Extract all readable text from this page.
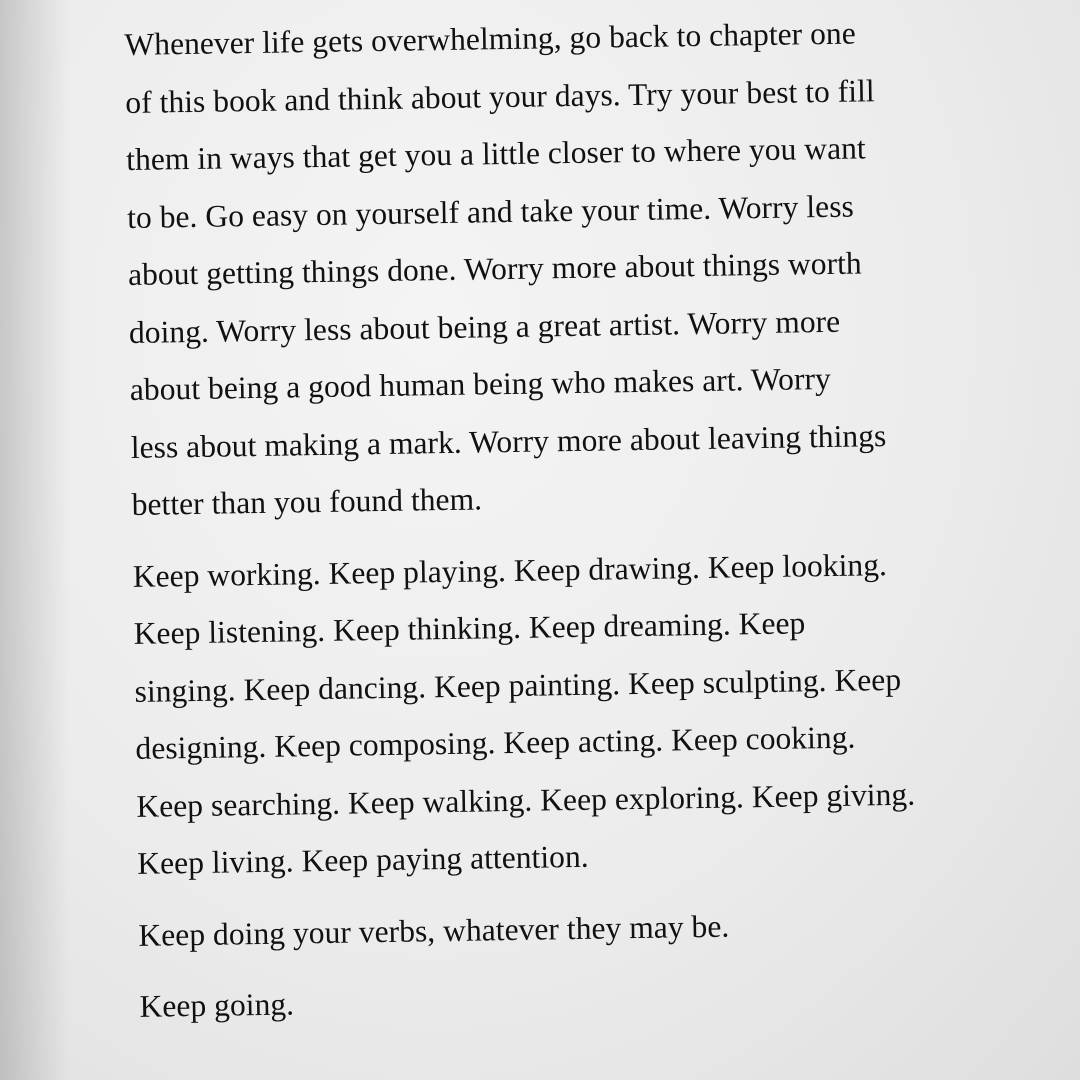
Whenever life gets overwhelming, go back to chapter one
of this book and think about your days. Try your best to fill
them in ways that get you a little closer to where you want
to be. Go easy on yourself and take your time. Worry less
about getting things done. Worry more about things worth
doing. Worry less about being a great artist. Worry more
about being a good human being who makes art. Worry
less about making a mark. Worry more about leaving things
better than you found them.
Keep working. Keep playing. Keep drawing. Keep looking.
Keep listening. Keep thinking. Keep dreaming. Keep
singing. Keep dancing. Keep painting. Keep sculpting. Keep
designing. Keep composing. Keep acting. Keep cooking.
Keep searching. Keep walking. Keep exploring. Keep giving.
Keep living. Keep paying attention.
Keep doing your verbs, whatever they may be.
Keep going.
